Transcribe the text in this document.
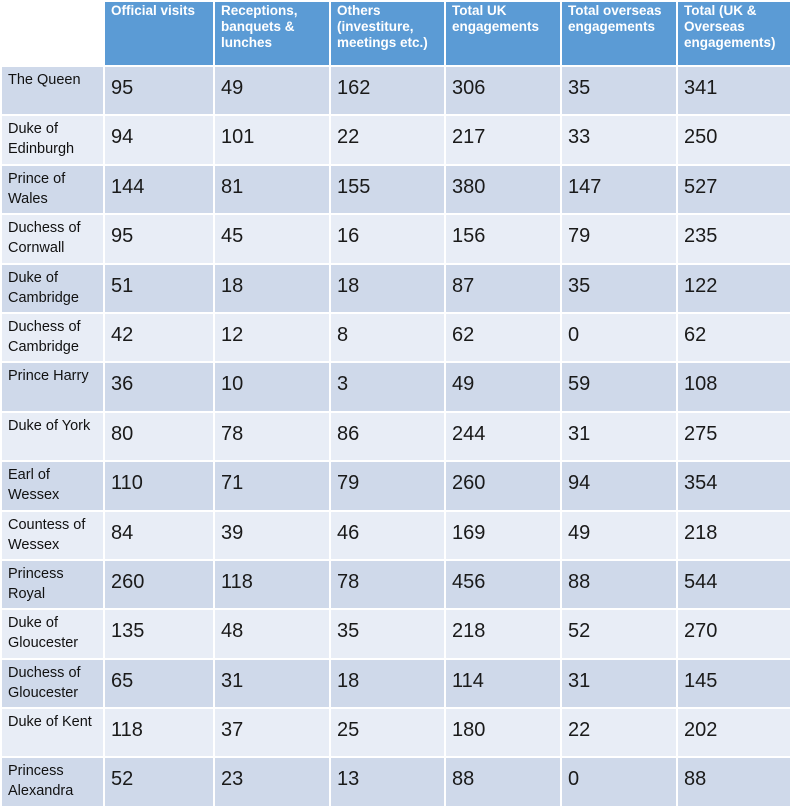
	Official visits	Receptions, banquets & lunches	Others (investiture, meetings etc.)	Total UK engagements	Total overseas engagements	Total (UK & Overseas engagements)
The Queen	95	49	162	306	35	341
Duke of Edinburgh	94	101	22	217	33	250
Prince of Wales	144	81	155	380	147	527
Duchess of Cornwall	95	45	16	156	79	235
Duke of Cambridge	51	18	18	87	35	122
Duchess of Cambridge	42	12	8	62	0	62
Prince Harry	36	10	3	49	59	108
Duke of York	80	78	86	244	31	275
Earl of Wessex	110	71	79	260	94	354
Countess of Wessex	84	39	46	169	49	218
Princess Royal	260	118	78	456	88	544
Duke of Gloucester	135	48	35	218	52	270
Duchess of Gloucester	65	31	18	114	31	145
Duke of Kent	118	37	25	180	22	202
Princess Alexandra	52	23	13	88	0	88
